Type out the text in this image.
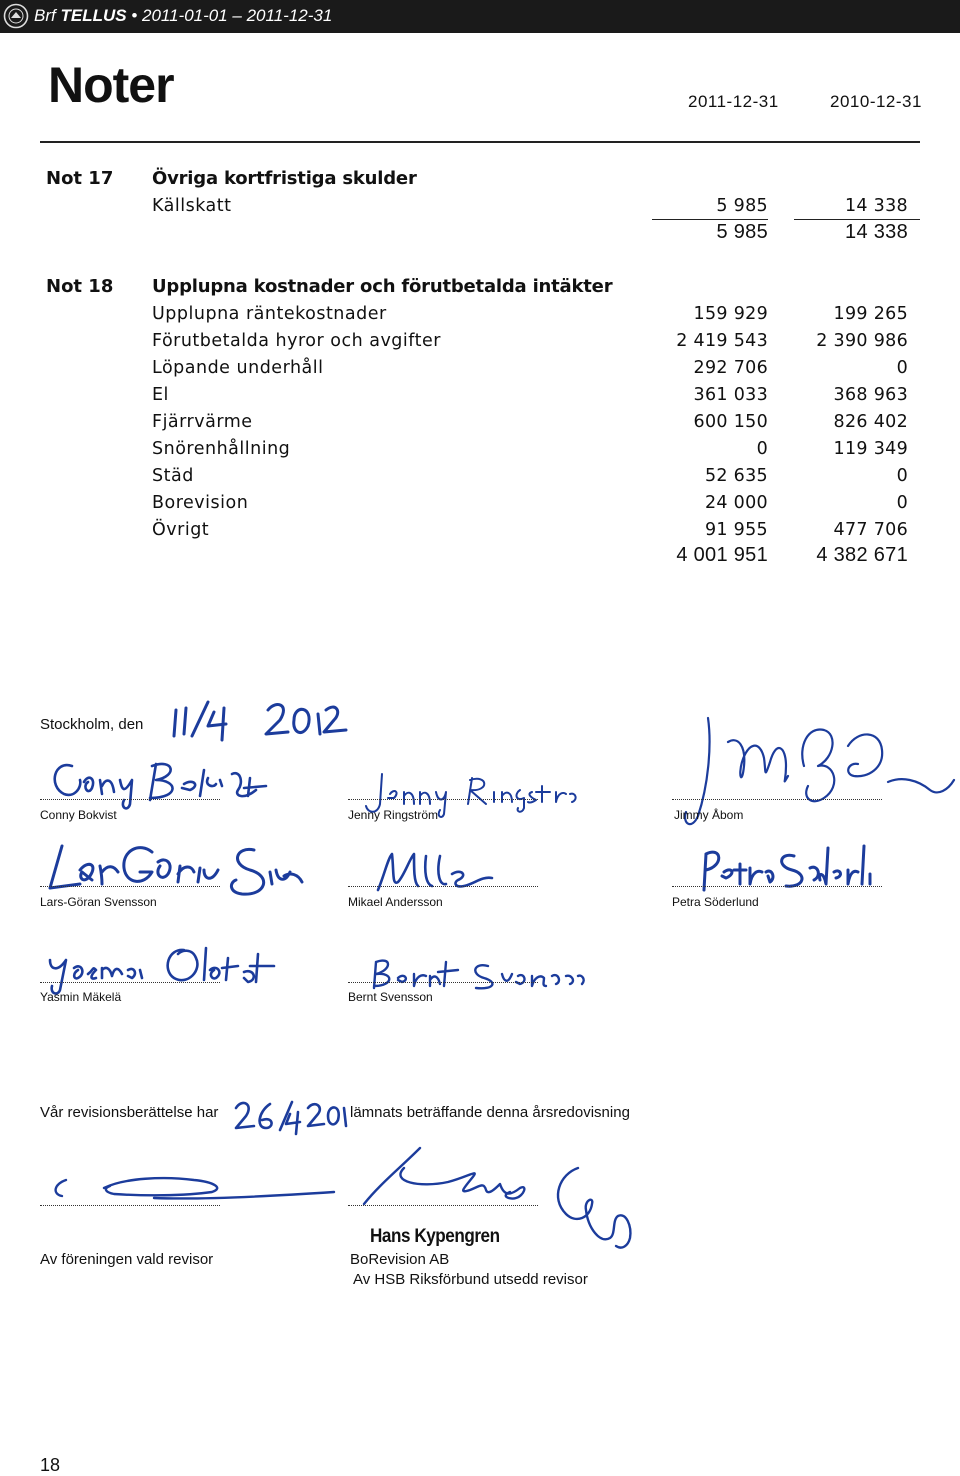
Brf TELLUS • 2011-01-01 – 2011-12-31
Noter	2011-12-31	2010-12-31
Not 17 Övriga kortfristiga skulder
Källskatt	5 985	14 338
5 985	14 338
Not 18 Upplupna kostnader och förutbetalda intäkter
Upplupna räntekostnader	159 929	199 265
Förutbetalda hyror och avgifter	2 419 543	2 390 986
Löpande underhåll	292 706	0
El	361 033	368 963
Fjärrvärme	600 150	826 402
Snörenhållning	0	119 349
Städ	52 635	0
Borevision	24 000	0
Övrigt	91 955	477 706
4 001 951	4 382 671
Stockholm, den
Conny Bokvist	Jenny Ringström	Jimmy Åbom
Lars-Göran Svensson	Mikael Andersson	Petra Söderlund
Yasmin Mäkelä	Bernt Svensson
Vår revisionsberättelse har	lämnats beträffande denna årsredovisning
Av föreningen vald revisor
Hans Kypengren
BoRevision AB
Av HSB Riksförbund utsedd revisor
18
